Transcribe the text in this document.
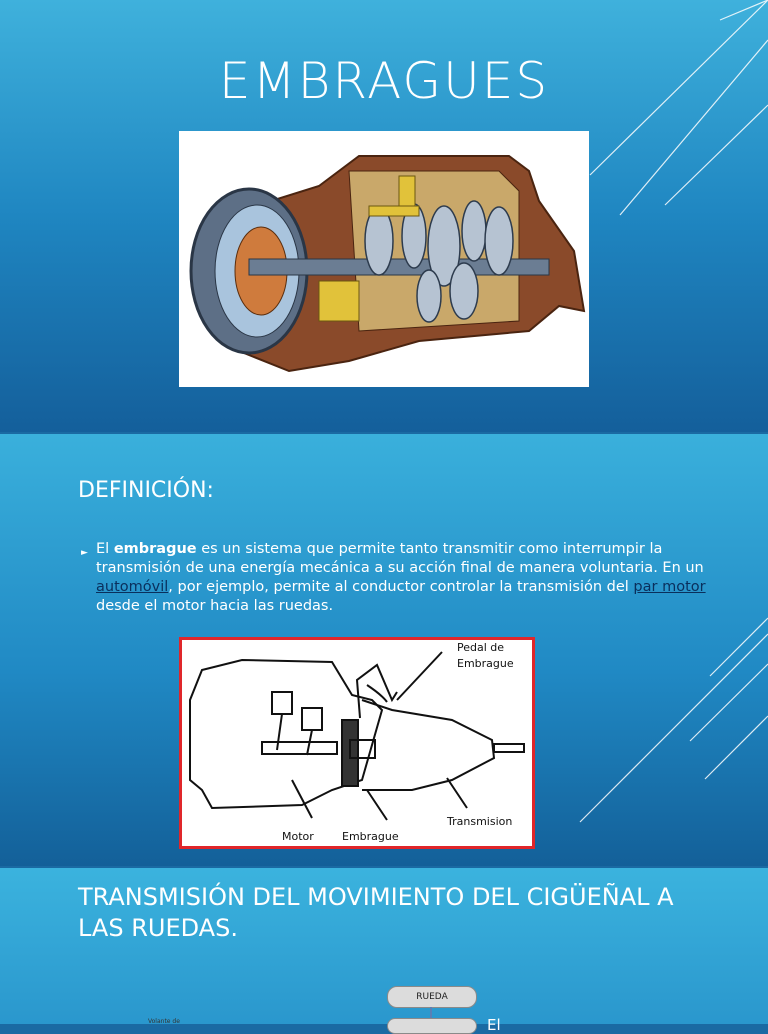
EMBRAGUES
DEFINICIÓN:
► El embrague es un sistema que permite tanto transmitir como interrumpir la transmisión de una energía mecánica a su acción final de manera voluntaria. En un automóvil, por ejemplo, permite al conductor controlar la transmisión del par motor desde el motor hacia las ruedas.
Pedal de
Embrague
Motor	Embrague
Transmision
TRANSMISIÓN DEL MOVIMIENTO DEL CIGÜEÑAL A LAS RUEDAS.
RUEDA
Volante de	El
